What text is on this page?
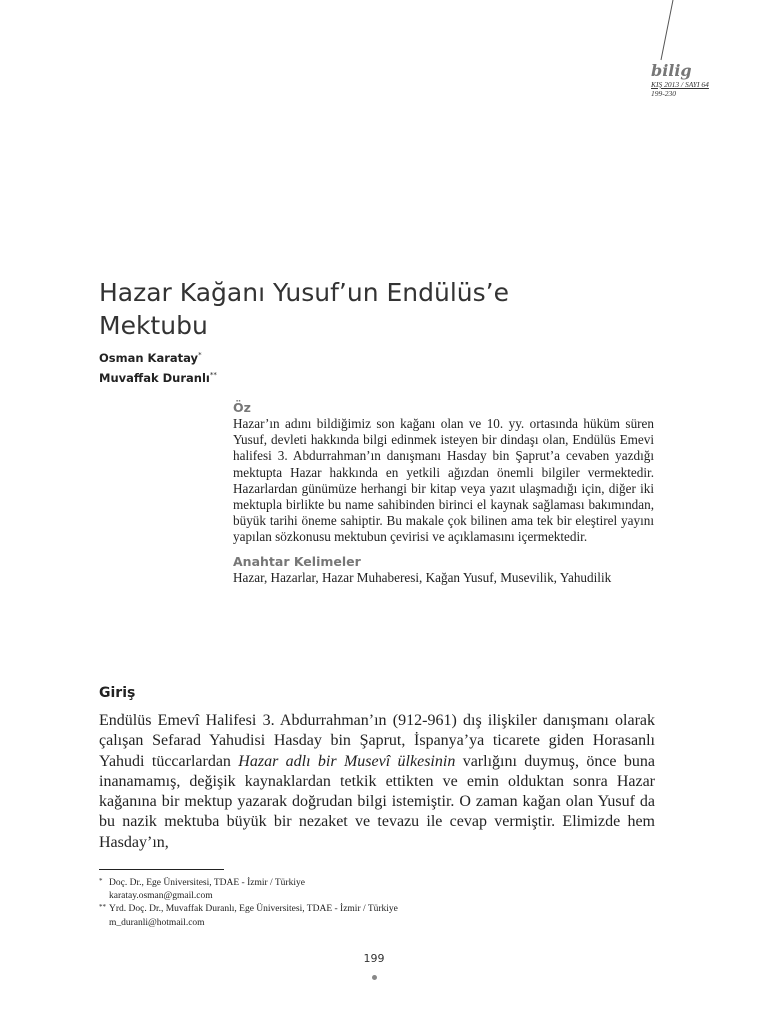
bilig
KIŞ 2013 / SAYI 64
199-230
Hazar Kağanı Yusuf’un Endülüs’e Mektubu
Osman Karatay*
Muvaffak Duranlı**

Öz

Hazar’ın adını bildiğimiz son kağanı olan ve 10. yy. ortasında hüküm süren Yusuf, devleti hakkında bilgi edinmek isteyen bir dindaşı olan, Endülüs Emevi halifesi 3. Abdurrahman’ın danışmanı Hasday bin Şaprut’a cevaben yazdığı mektupta Hazar hakkında en yetkili ağızdan önemli bilgiler vermektedir. Hazarlardan günümüze herhangi bir kitap veya yazıt ulaşmadığı için, diğer iki mektupla birlikte bu name sahibinden birinci el kaynak sağlaması bakımından, büyük tarihi öneme sahiptir. Bu makale çok bilinen ama tek bir eleştirel yayını yapılan sözkonusu mektubun çevirisi ve açıklamasını içermektedir.

Anahtar Kelimeler

Hazar, Hazarlar, Hazar Muhaberesi, Kağan Yusuf, Musevilik, Yahudilik

Giriş

Endülüs Emevî Halifesi 3. Abdurrahman’ın (912-961) dış ilişkiler danışmanı olarak çalışan Sefarad Yahudisi Hasday bin Şaprut, İspanya’ya ticarete giden Horasanlı Yahudi tüccarlardan Hazar adlı bir Musevî ülkesinin varlığını duymuş, önce buna inanamamış, değişik kaynaklardan tetkik ettikten ve emin olduktan sonra Hazar kağanına bir mektup yazarak doğrudan bilgi istemiştir. O zaman kağan olan Yusuf da bu nazik mektuba büyük bir nezaket ve tevazu ile cevap vermiştir. Elimizde hem Hasday’ın,

* Doç. Dr., Ege Üniversitesi, TDAE - İzmir / Türkiye
karatay.osman@gmail.com
** Yrd. Doç. Dr., Muvaffak Duranlı, Ege Üniversitesi, TDAE - İzmir / Türkiye
m_duranli@hotmail.com
199
